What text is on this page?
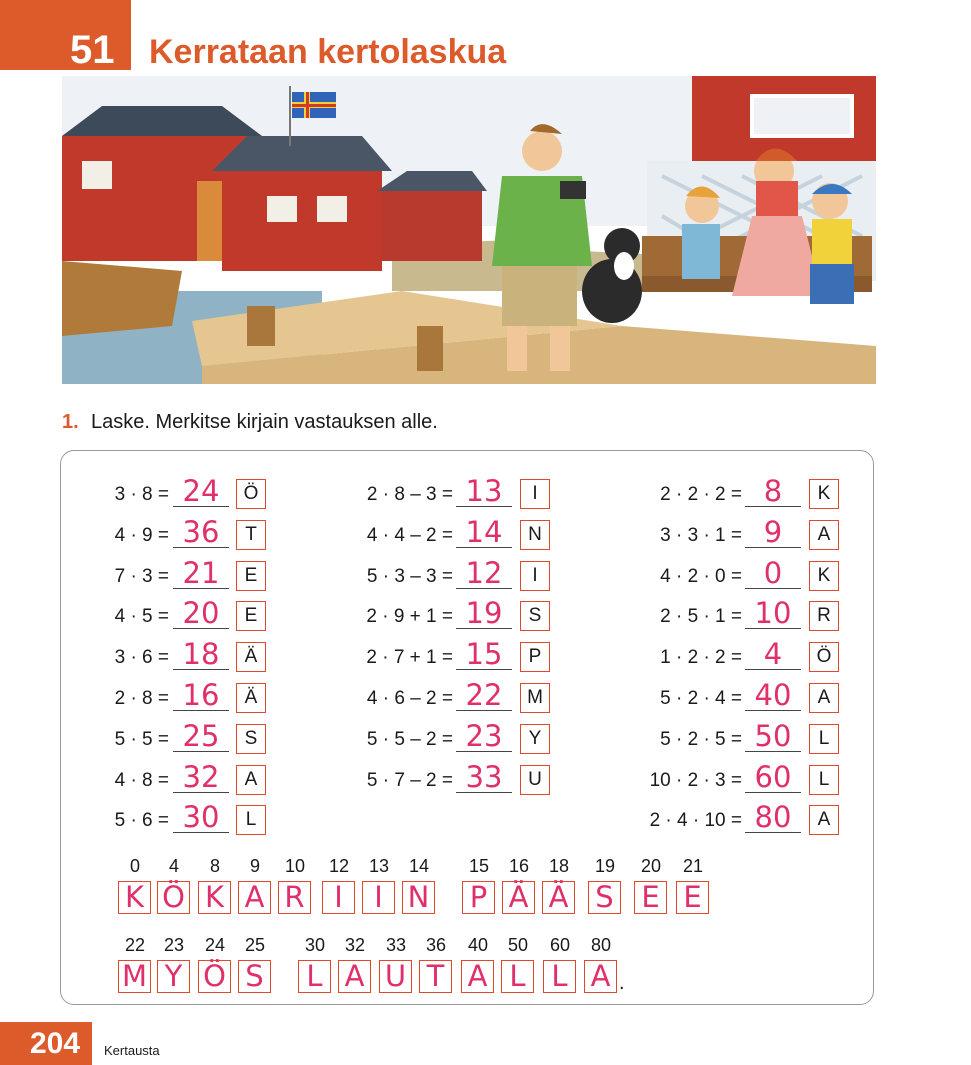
51 Kerrataan kertolaskua
1. Laske. Merkitse kirjain vastauksen alle.
3 · 8 = 24	Ö
4 · 9 = 36	T
7 · 3 = 21	E
4 · 5 = 20	E
3 · 6 = 18	Ä
2 · 8 = 16	Ä
5 · 5 = 25	S
4 · 8 = 32	A
5 · 6 = 30	L
2 · 8 – 3 = 13	I
4 · 4 – 2 = 14	N
5 · 3 – 3 = 12	I
2 · 9 + 1 = 19	S
2 · 7 + 1 = 15	P
4 · 6 – 2 = 22	M
5 · 5 – 2 = 23	Y
5 · 7 – 2 = 33	U
2 · 2 · 2 = 8	K
3 · 3 · 1 = 9	A
4 · 2 · 0 = 0	K
2 · 5 · 1 = 10	R
1 · 2 · 2 = 4	Ö
5 · 2 · 4 = 40	A
5 · 2 · 5 = 50	L
10 · 2 · 3 = 60	L
2 · 4 · 10 = 80	A
0
K
4
Ö
8
K
9
A
10
R
12
I
13
I
14
N
15
P
16
Ä
18
Ä
19
S
20
E
21
E
22
M
23
Y
24
Ö
25
S
30
L
32
A
33
U
36
T
40
A
50
L
60
L
80
A .
204 Kertausta
